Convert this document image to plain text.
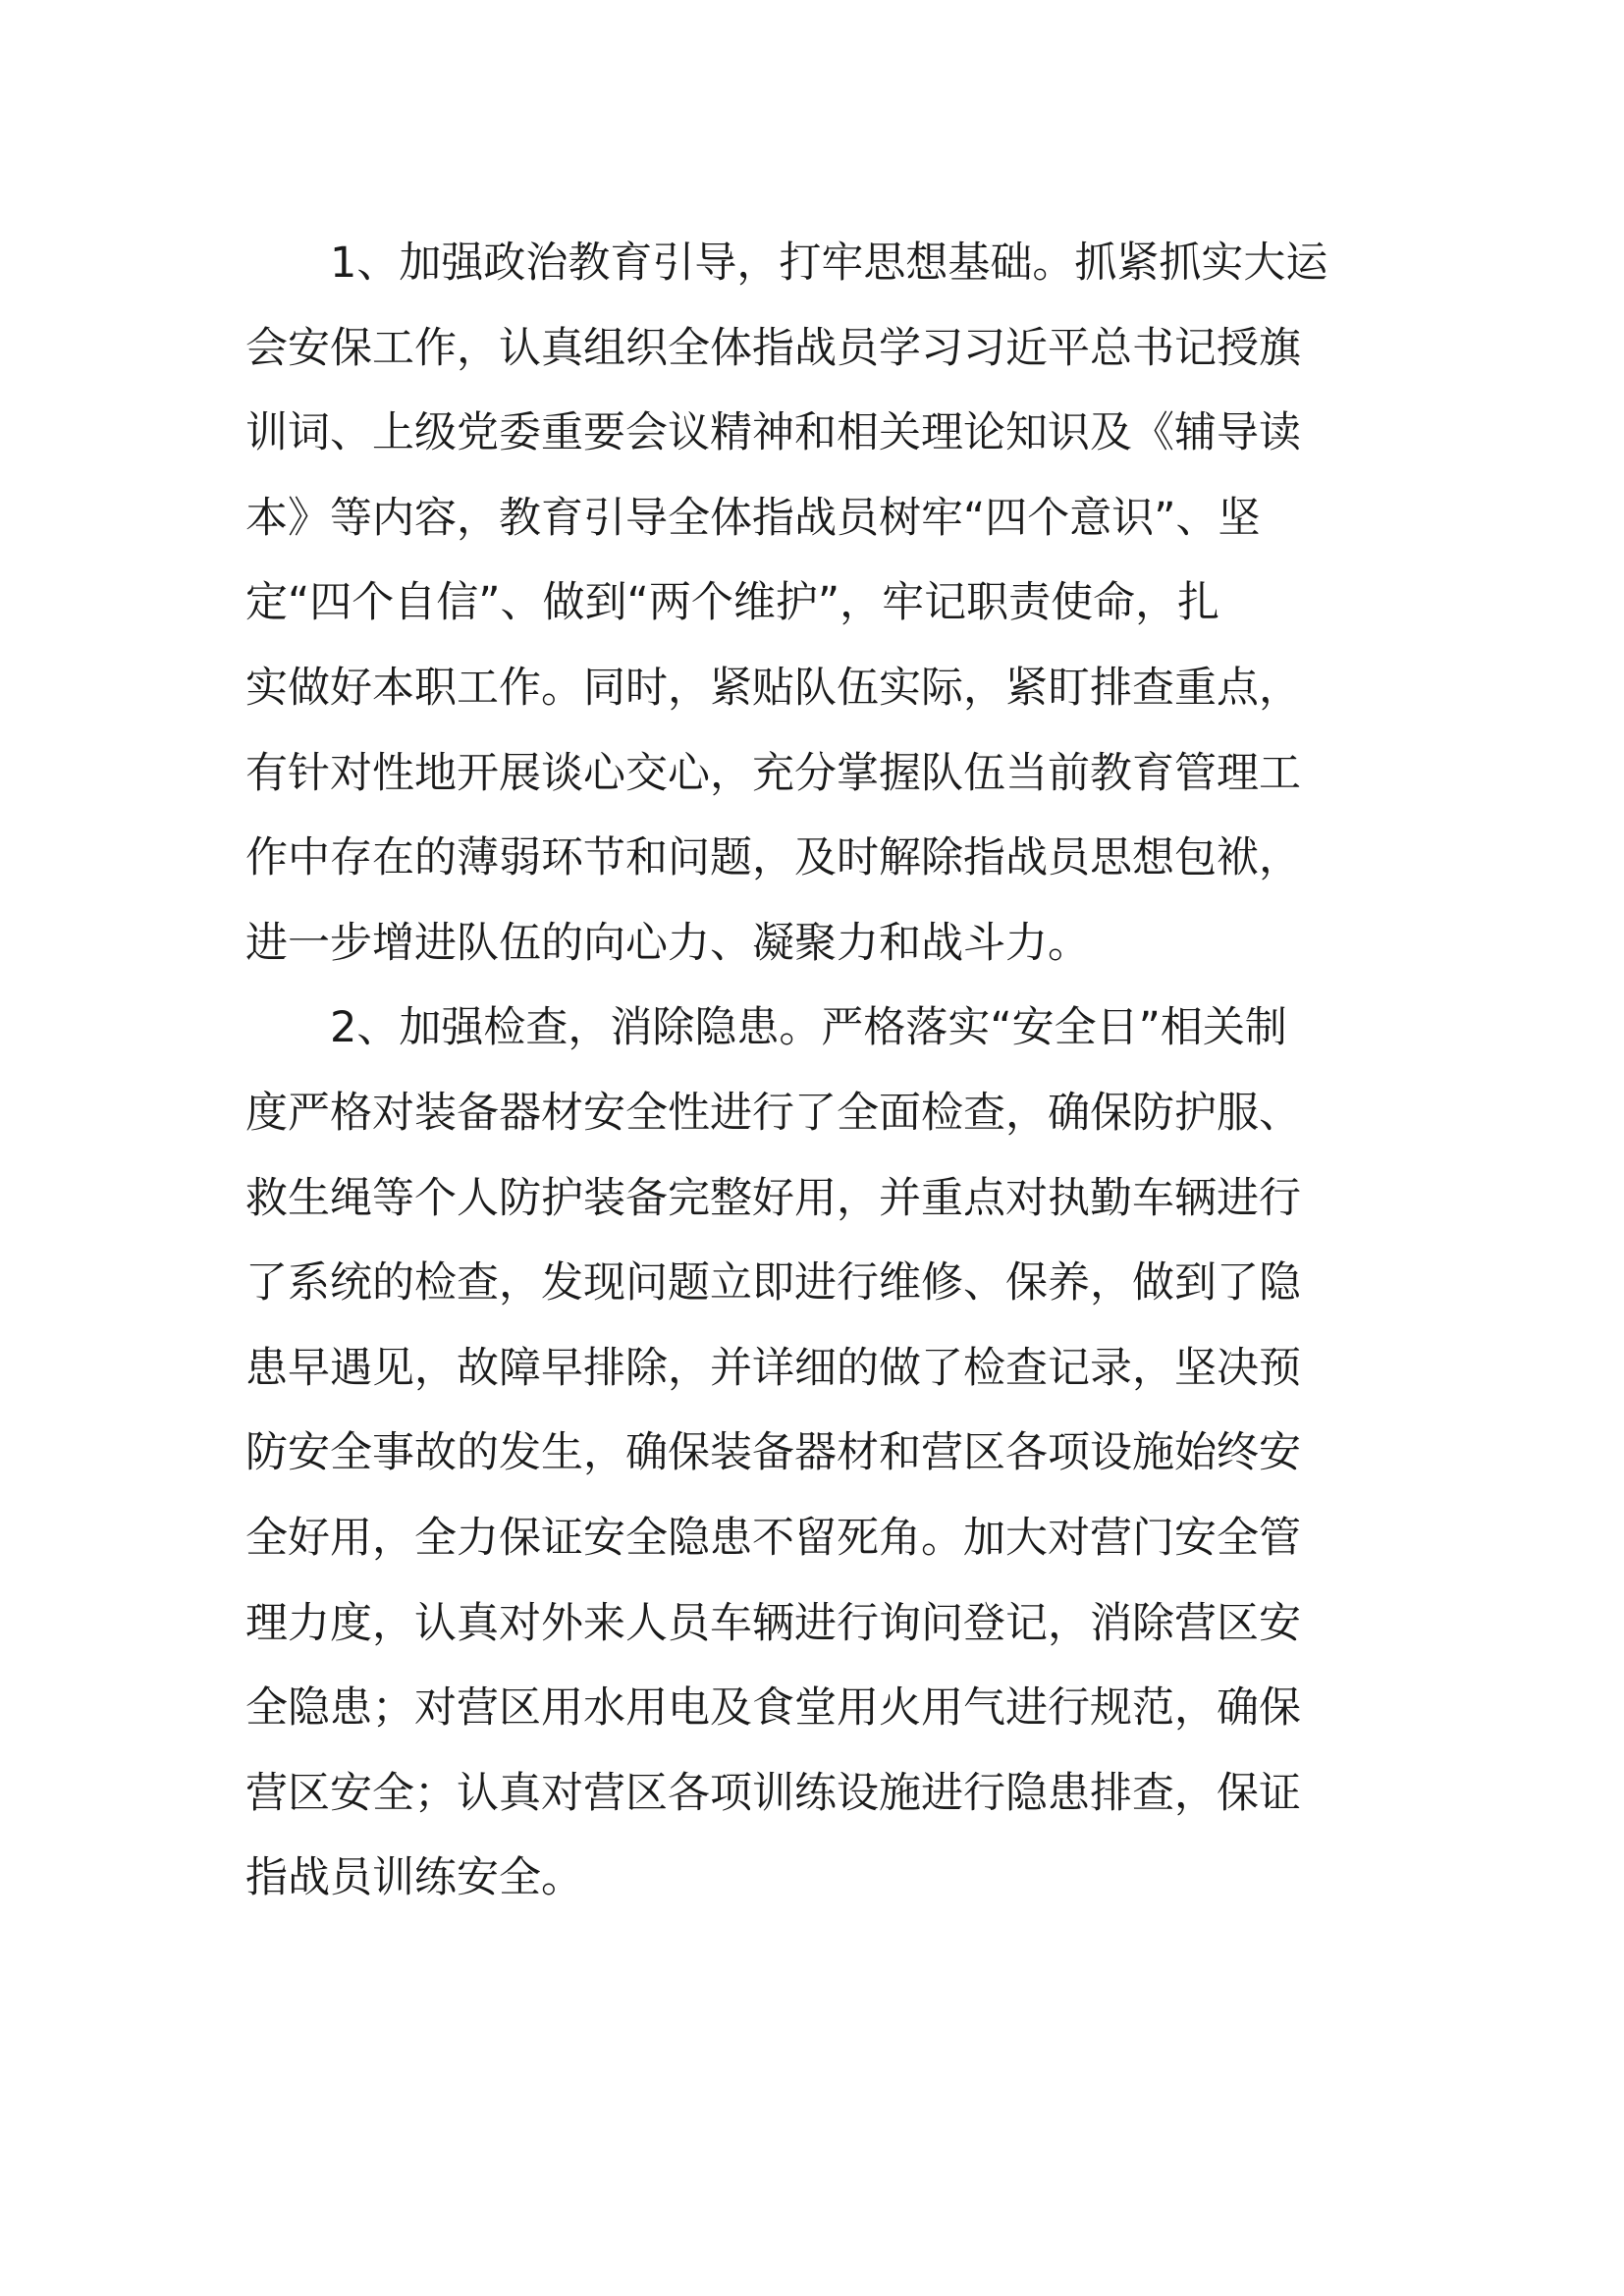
1、加强政治教育引导，打牢思想基础。抓紧抓实大运
会安保工作，认真组织全体指战员学习习近平总书记授旗
训词、上级党委重要会议精神和相关理论知识及《辅导读
本》等内容，教育引导全体指战员树牢“四个意识”、坚
定“四个自信”、做到“两个维护”，牢记职责使命，扎
实做好本职工作。同时，紧贴队伍实际，紧盯排查重点，
有针对性地开展谈心交心，充分掌握队伍当前教育管理工
作中存在的薄弱环节和问题，及时解除指战员思想包袱，
进一步增进队伍的向心力、凝聚力和战斗力。
2、加强检查，消除隐患。严格落实“安全日”相关制
度严格对装备器材安全性进行了全面检查，确保防护服、
救生绳等个人防护装备完整好用，并重点对执勤车辆进行
了系统的检查，发现问题立即进行维修、保养，做到了隐
患早遇见，故障早排除，并详细的做了检查记录，坚决预
防安全事故的发生，确保装备器材和营区各项设施始终安
全好用，全力保证安全隐患不留死角。加大对营门安全管
理力度，认真对外来人员车辆进行询问登记，消除营区安
全隐患；对营区用水用电及食堂用火用气进行规范，确保
营区安全；认真对营区各项训练设施进行隐患排查，保证
指战员训练安全。
